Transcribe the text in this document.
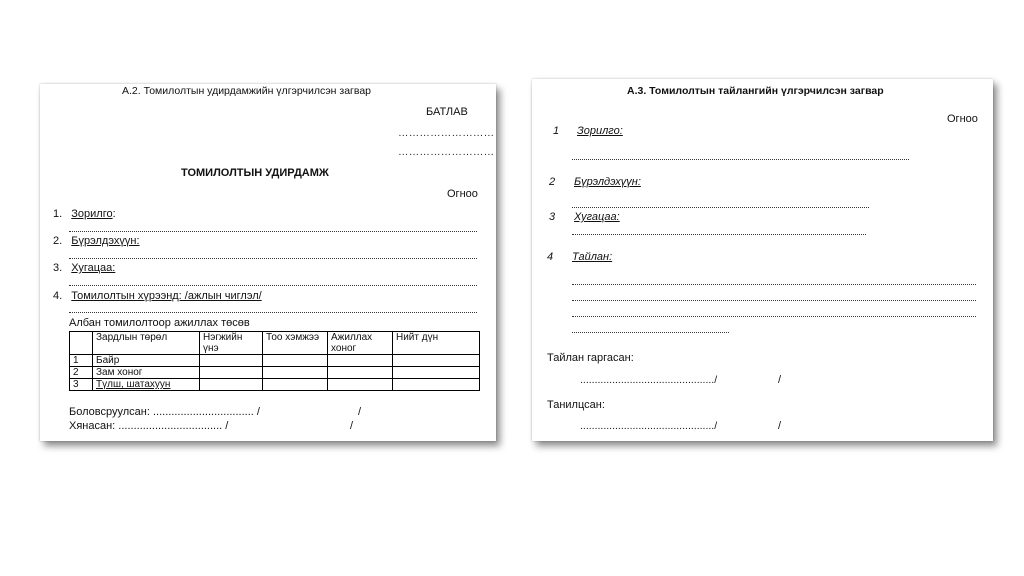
А.2. Томилолтын удирдамжийн үлгэрчилсэн загвар
БАТЛАВ
………………………
………………………
ТОМИЛОЛТЫН УДИРДАМЖ
Огноо
1. Зорилго:
2. Бүрэлдэхүүн:
3. Хугацаа:
4. Томилолтын хүрээнд: /ажлын чиглэл/
Албан томилолтоор ажиллах төсөв
	Зардлын төрөл	Нэгжийн үнэ	Тоо хэмжээ	Ажиллах хоног	Нийт дүн
1	Байр				
2	Зам хоног				
3	Түлш, шатахуун				
Боловсруулсан: ................................. /	/
Хянасан: .................................. /	/
А.3. Томилолтын тайлангийн үлгэрчилсэн загвар
Огноо
1 Зорилго:
2 Бүрэлдэхүүн:
3 Хугацаа:
4 Тайлан:
Тайлан гаргасан:
............................................../	/
Танилцсан:
............................................../	/
